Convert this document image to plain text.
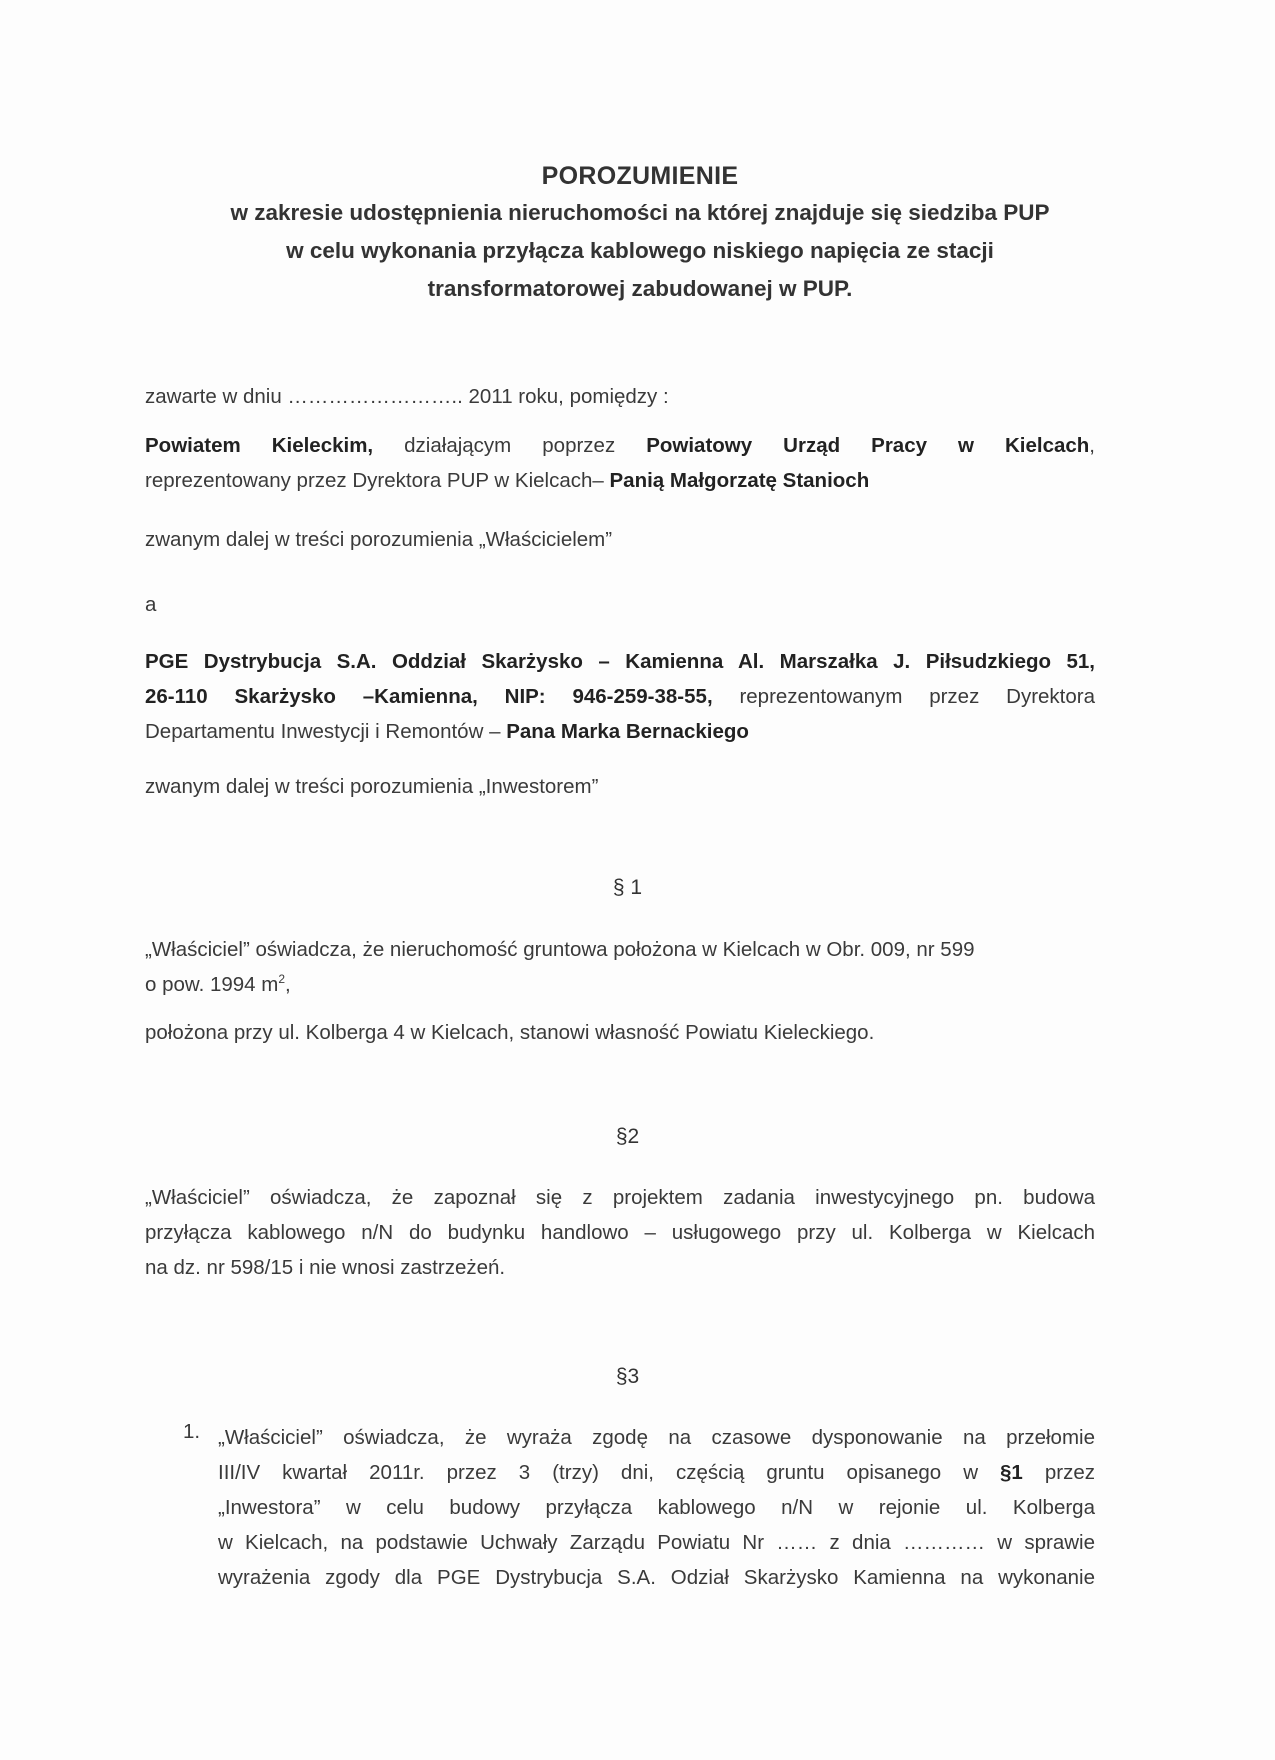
POROZUMIENIE
w zakresie udostępnienia nieruchomości na której znajduje się siedziba PUP
w celu wykonania przyłącza kablowego niskiego napięcia ze stacji
transformatorowej zabudowanej w PUP.
zawarte w dniu …………………….. 2011 roku, pomiędzy :
Powiatem Kieleckim, działającym poprzez Powiatowy Urząd Pracy w Kielcach,
reprezentowany przez Dyrektora PUP w Kielcach– Panią Małgorzatę Stanioch
zwanym dalej w treści porozumienia „Właścicielem”
a
PGE Dystrybucja S.A. Oddział Skarżysko – Kamienna Al. Marszałka J. Piłsudzkiego 51,
26-110 Skarżysko –Kamienna, NIP: 946-259-38-55, reprezentowanym przez Dyrektora
Departamentu Inwestycji i Remontów – Pana Marka Bernackiego
zwanym dalej w treści porozumienia „Inwestorem”
§ 1
„Właściciel” oświadcza, że nieruchomość gruntowa położona w Kielcach w Obr. 009, nr 599
o pow. 1994 $m^2$,
położona przy ul. Kolberga 4 w Kielcach, stanowi własność Powiatu Kieleckiego.
§2
„Właściciel” oświadcza, że zapoznał się z projektem zadania inwestycyjnego pn. budowa
przyłącza kablowego n/N do budynku handlowo – usługowego przy ul. Kolberga w Kielcach
na dz. nr 598/15 i nie wnosi zastrzeżeń.
§3
1. „Właściciel” oświadcza, że wyraża zgodę na czasowe dysponowanie na przełomie
III/IV kwartał 2011r. przez 3 (trzy) dni, częścią gruntu opisanego w §1 przez
„Inwestora” w celu budowy przyłącza kablowego n/N w rejonie ul. Kolberga
w Kielcach, na podstawie Uchwały Zarządu Powiatu Nr …… z dnia ………… w sprawie
wyrażenia zgody dla PGE Dystrybucja S.A. Odział Skarżysko Kamienna na wykonanie
